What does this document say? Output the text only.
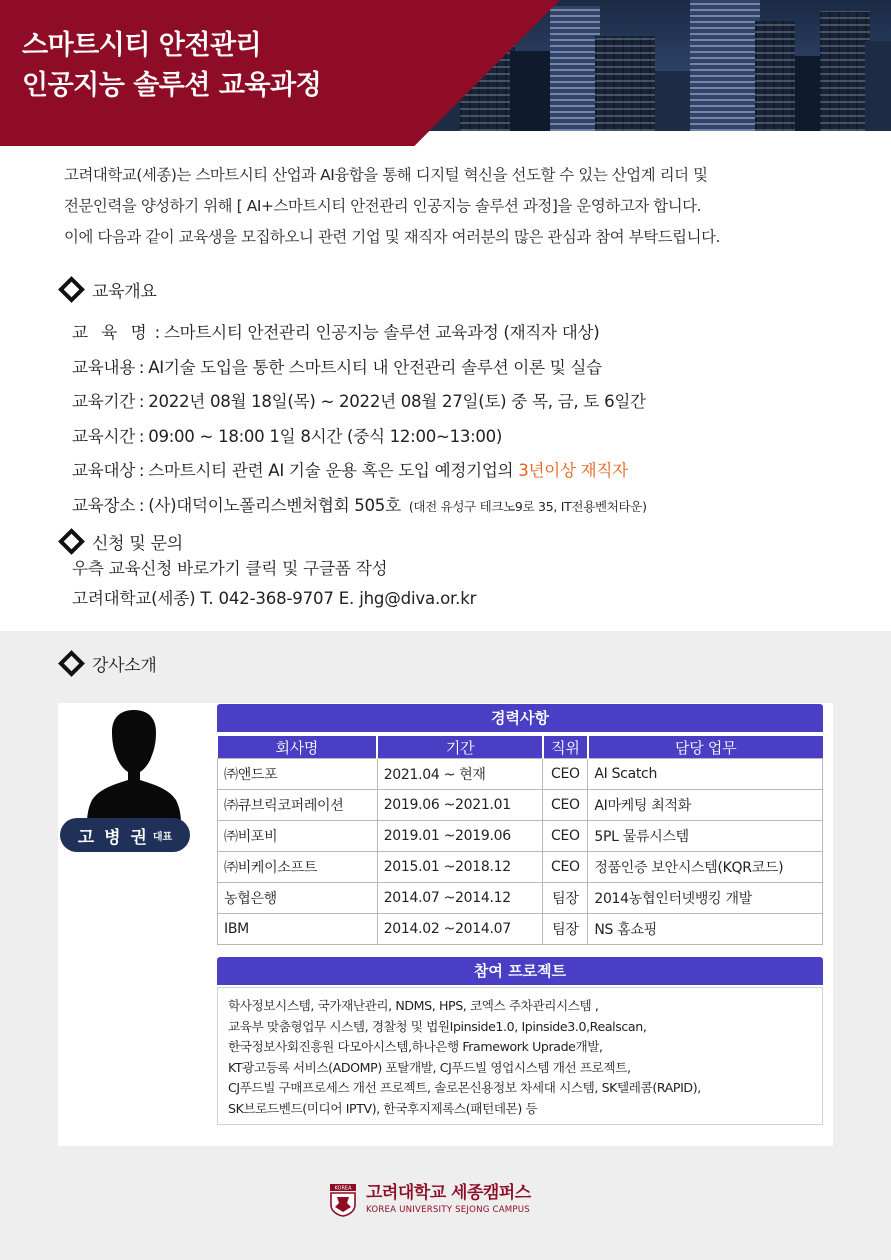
스마트시티 안전관리
인공지능 솔루션 교육과정

고려대학교(세종)는 스마트시티 산업과 AI융합을 통해 디지털 혁신을 선도할 수 있는 산업계 리더 및

전문인력을 양성하기 위해 [ AI+스마트시티 안전관리 인공지능 솔루션 과정]을 운영하고자 합니다.

이에 다음과 같이 교육생을 모집하오니 관련 기업 및 재직자 여러분의 많은 관심과 참여 부탁드립니다.

교육개요
교 육 명 : 스마트시티 안전관리 인공지능 솔루션 교육과정 (재직자 대상)
교육내용 : AI기술 도입을 통한 스마트시티 내 안전관리 솔루션 이론 및 실습
교육기간 : 2022년 08월 18일(목) ~ 2022년 08월 27일(토) 중 목, 금, 토 6일간
교육시간 : 09:00 ~ 18:00 1일 8시간 (중식 12:00~13:00)
교육대상 : 스마트시티 관련 AI 기술 운용 혹은 도입 예정기업의 3년이상 재직자
교육장소 : (사)대덕이노폴리스벤처협회 505호 (대전 유성구 테크노9로 35, IT전용벤처타운)
신청 및 문의

우측 교육신청 바로가기 클릭 및 구글폼 작성

고려대학교(세종) T. 042-368-9707 E. jhg@diva.or.kr

강사소개
고 병 권 대표
경력사항
회사명	기간	직위	담당 업무
㈜앤드포	2021.04 ~ 현재	CEO	AI Scatch
㈜큐브릭코퍼레이션	2019.06 ~2021.01	CEO	AI마케팅 최적화
㈜비포비	2019.01 ~2019.06	CEO	5PL 물류시스템
㈜비케이소프트	2015.01 ~2018.12	CEO	정품인증 보안시스템(KQR코드)
농협은행	2014.07 ~2014.12	팀장	2014농협인터넷뱅킹 개발
IBM	2014.02 ~2014.07	팀장	NS 홈쇼핑
참여 프로젝트

학사정보시스템, 국가재난관리, NDMS, HPS, 코엑스 주차관리시스템 ,

교육부 맞춤형업무 시스템, 경찰청 및 법원Ipinside1.0, Ipinside3.0,Realscan,

한국정보사회진흥원 다모아시스템,하나은행 Framework Uprade개발,

KT광고등록 서비스(ADOMP) 포탈개발, CJ푸드빌 영업시스템 개선 프로젝트,

CJ푸드빌 구매프로세스 개선 프로젝트, 솔로몬신용정보 차세대 시스템, SK텔레콤(RAPID),

SK브로드벤드(미디어 IPTV), 한국후지제록스(패턴데몬) 등

KOREA 고려대학교 세종캠퍼스
KOREA UNIVERSITY SEJONG CAMPUS
